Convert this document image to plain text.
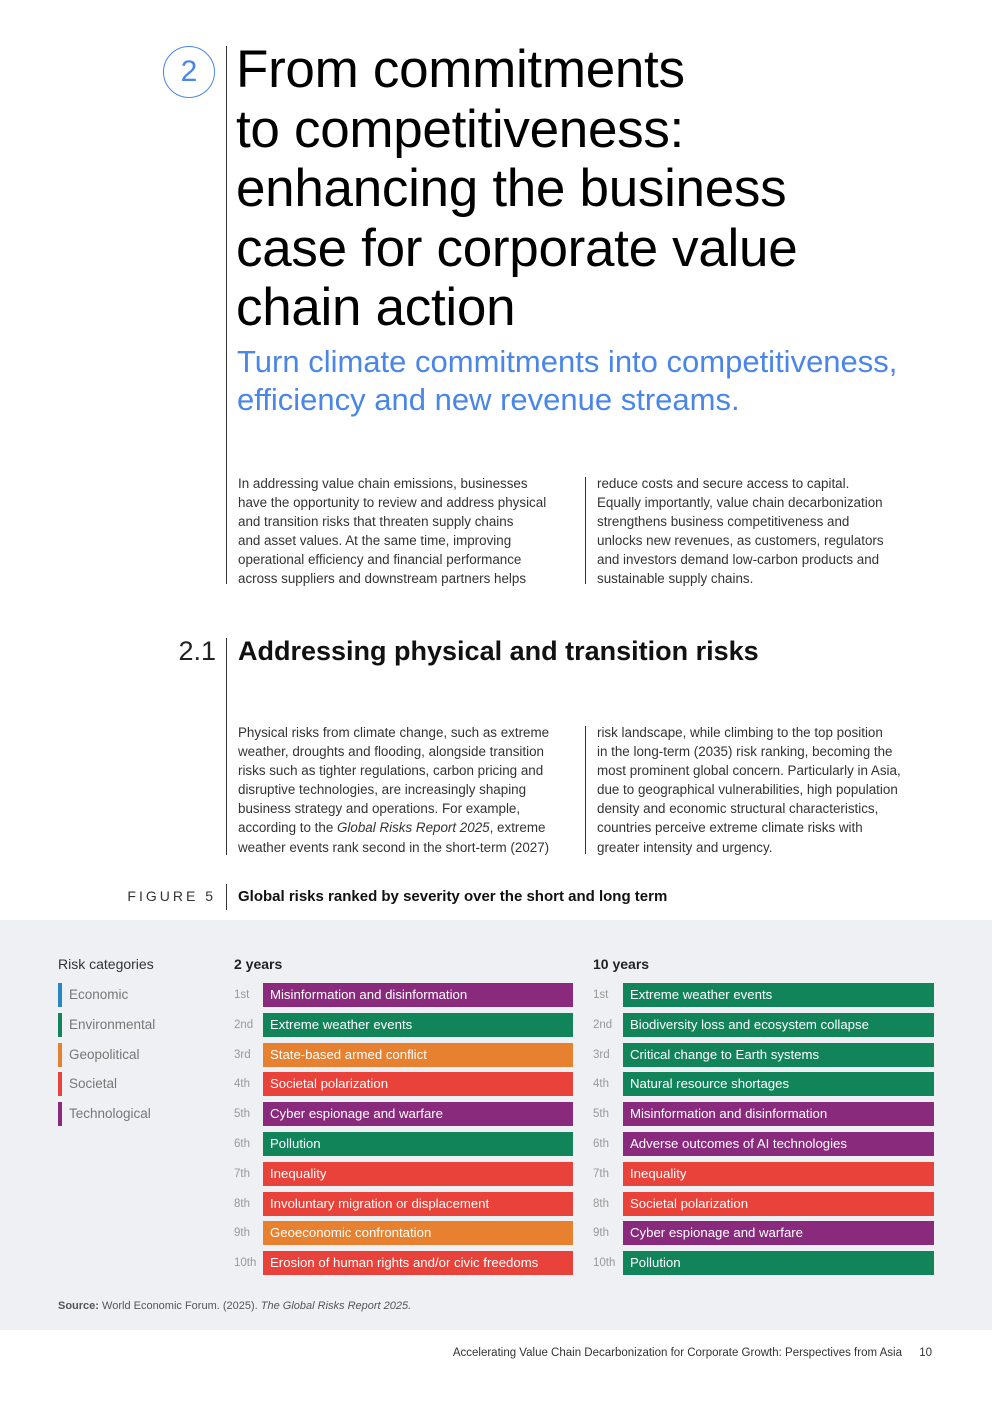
2 From commitments
to competitiveness:
enhancing the business
case for corporate value
chain action
Turn climate commitments into competitiveness,
efficiency and new revenue streams.
In addressing value chain emissions, businesses
have the opportunity to review and address physical
and transition risks that threaten supply chains
and asset values. At the same time, improving
operational efficiency and financial performance
across suppliers and downstream partners helps
reduce costs and secure access to capital.
Equally importantly, value chain decarbonization
strengthens business competitiveness and
unlocks new revenues, as customers, regulators
and investors demand low-carbon products and
sustainable supply chains.
2.1 Addressing physical and transition risks
Physical risks from climate change, such as extreme
weather, droughts and flooding, alongside transition
risks such as tighter regulations, carbon pricing and
disruptive technologies, are increasingly shaping
business strategy and operations. For example,
according to the Global Risks Report 2025, extreme
weather events rank second in the short-term (2027)
risk landscape, while climbing to the top position
in the long-term (2035) risk ranking, becoming the
most prominent global concern. Particularly in Asia,
due to geographical vulnerabilities, high population
density and economic structural characteristics,
countries perceive extreme climate risks with
greater intensity and urgency.
FIGURE 5 Global risks ranked by severity over the short and long term
Risk categories
Economic
Environmental
Geopolitical
Societal
Technological
2 years	10 years
1st	Misinformation and disinformation
2nd	Extreme weather events
3rd	State-based armed conflict
4th	Societal polarization
5th	Cyber espionage and warfare
6th	Pollution
7th	Inequality
8th	Involuntary migration or displacement
9th	Geoeconomic confrontation
10th	Erosion of human rights and/or civic freedoms
1st	Extreme weather events
2nd	Biodiversity loss and ecosystem collapse
3rd	Critical change to Earth systems
4th	Natural resource shortages
5th	Misinformation and disinformation
6th	Adverse outcomes of AI technologies
7th	Inequality
8th	Societal polarization
9th	Cyber espionage and warfare
10th	Pollution
Source: World Economic Forum. (2025). The Global Risks Report 2025.
Accelerating Value Chain Decarbonization for Corporate Growth: Perspectives from Asia 10
